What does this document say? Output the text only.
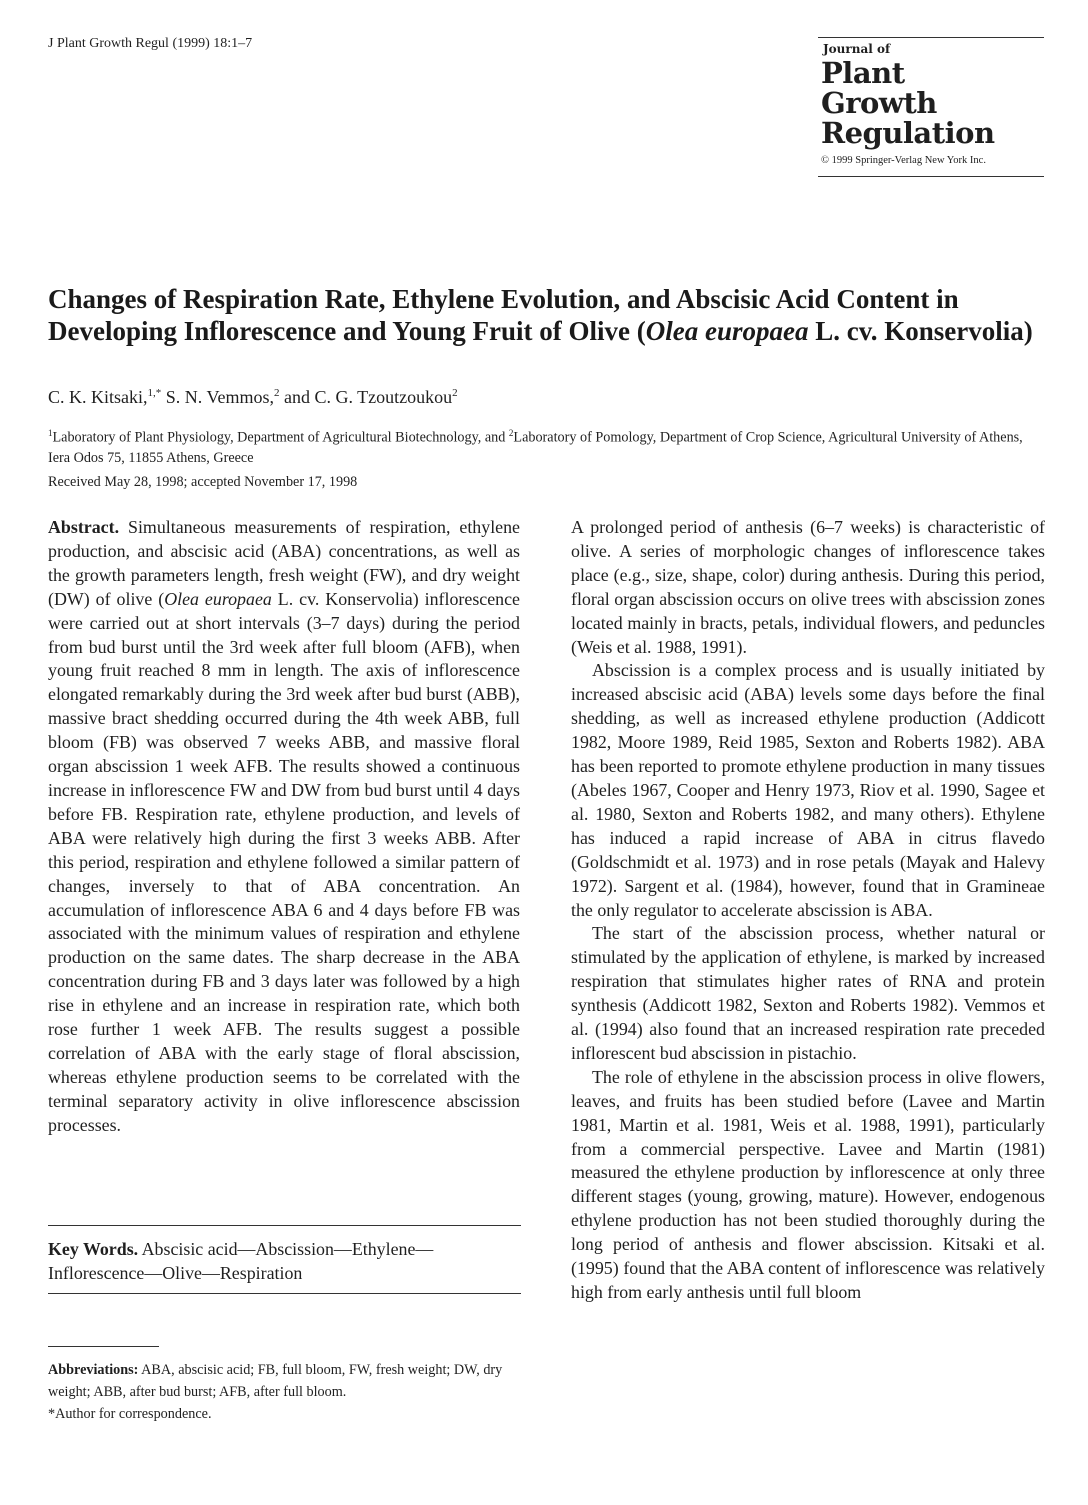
J Plant Growth Regul (1999) 18:1–7	Journal of
Plant
Growth
Regulation
© 1999 Springer-Verlag New York Inc.
Changes of Respiration Rate, Ethylene Evolution, and Abscisic Acid Content in Developing Inflorescence and Young Fruit of Olive (Olea europaea L. cv. Konservolia)
C. K. Kitsaki,$^{1,*}$ S. N. Vemmos,$^2$ and C. G. Tzoutzoukou$^2$
$^1$Laboratory of Plant Physiology, Department of Agricultural Biotechnology, and $^2$Laboratory of Pomology, Department of Crop Science, Agricultural University of Athens, Iera Odos 75, 11855 Athens, Greece
Received May 28, 1998; accepted November 17, 1998

Abstract. Simultaneous measurements of respiration, ethylene production, and abscisic acid (ABA) concentrations, as well as the growth parameters length, fresh weight (FW), and dry weight (DW) of olive (Olea europaea L. cv. Konservolia) inflorescence were carried out at short intervals (3–7 days) during the period from bud burst until the 3rd week after full bloom (AFB), when young fruit reached 8 mm in length. The axis of inflorescence elongated remarkably during the 3rd week after bud burst (ABB), massive bract shedding occurred during the 4th week ABB, full bloom (FB) was observed 7 weeks ABB, and massive floral organ abscission 1 week AFB. The results showed a continuous increase in inflorescence FW and DW from bud burst until 4 days before FB. Respiration rate, ethylene production, and levels of ABA were relatively high during the first 3 weeks ABB. After this period, respiration and ethylene followed a similar pattern of changes, inversely to that of ABA concentration. An accumulation of inflorescence ABA 6 and 4 days before FB was associated with the minimum values of respiration and ethylene production on the same dates. The sharp decrease in the ABA concentration during FB and 3 days later was followed by a high rise in ethylene and an increase in respiration rate, which both rose further 1 week AFB. The results suggest a possible correlation of ABA with the early stage of floral abscission, whereas ethylene production seems to be correlated with the terminal separatory activity in olive inflorescence abscission processes.

Key Words. Abscisic acid—Abscission—Ethylene—Inflorescence—Olive—Respiration

Abbreviations: ABA, abscisic acid; FB, full bloom, FW, fresh weight; DW, dry weight; ABB, after bud burst; AFB, after full bloom.

*Author for correspondence.

A prolonged period of anthesis (6–7 weeks) is characteristic of olive. A series of morphologic changes of inflorescence takes place (e.g., size, shape, color) during anthesis. During this period, floral organ abscission occurs on olive trees with abscission zones located mainly in bracts, petals, individual flowers, and peduncles (Weis et al. 1988, 1991).

Abscission is a complex process and is usually initiated by increased abscisic acid (ABA) levels some days before the final shedding, as well as increased ethylene production (Addicott 1982, Moore 1989, Reid 1985, Sexton and Roberts 1982). ABA has been reported to promote ethylene production in many tissues (Abeles 1967, Cooper and Henry 1973, Riov et al. 1990, Sagee et al. 1980, Sexton and Roberts 1982, and many others). Ethylene has induced a rapid increase of ABA in citrus flavedo (Goldschmidt et al. 1973) and in rose petals (Mayak and Halevy 1972). Sargent et al. (1984), however, found that in Gramineae the only regulator to accelerate abscission is ABA.

The start of the abscission process, whether natural or stimulated by the application of ethylene, is marked by increased respiration that stimulates higher rates of RNA and protein synthesis (Addicott 1982, Sexton and Roberts 1982). Vemmos et al. (1994) also found that an increased respiration rate preceded inflorescent bud abscission in pistachio.

The role of ethylene in the abscission process in olive flowers, leaves, and fruits has been studied before (Lavee and Martin 1981, Martin et al. 1981, Weis et al. 1988, 1991), particularly from a commercial perspective. Lavee and Martin (1981) measured the ethylene production by inflorescence at only three different stages (young, growing, mature). However, endogenous ethylene production has not been studied thoroughly during the long period of anthesis and flower abscission. Kitsaki et al. (1995) found that the ABA content of inflorescence was relatively high from early anthesis until full bloom
